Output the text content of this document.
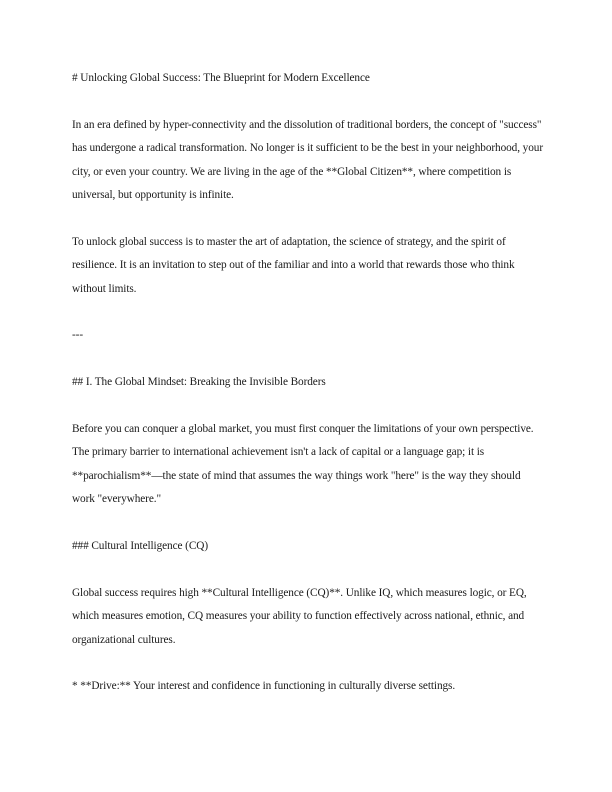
# Unlocking Global Success: The Blueprint for Modern Excellence

In an era defined by hyper-connectivity and the dissolution of traditional borders, the concept of "success" has undergone a radical transformation. No longer is it sufficient to be the best in your neighborhood, your city, or even your country. We are living in the age of the **Global Citizen**, where competition is universal, but opportunity is infinite.

To unlock global success is to master the art of adaptation, the science of strategy, and the spirit of resilience. It is an invitation to step out of the familiar and into a world that rewards those who think without limits.

---

## I. The Global Mindset: Breaking the Invisible Borders

Before you can conquer a global market, you must first conquer the limitations of your own perspective. The primary barrier to international achievement isn't a lack of capital or a language gap; it is **parochialism**—the state of mind that assumes the way things work "here" is the way they should work "everywhere."

### Cultural Intelligence (CQ)

Global success requires high **Cultural Intelligence (CQ)**. Unlike IQ, which measures logic, or EQ, which measures emotion, CQ measures your ability to function effectively across national, ethnic, and organizational cultures.

* **Drive:** Your interest and confidence in functioning in culturally diverse settings.
